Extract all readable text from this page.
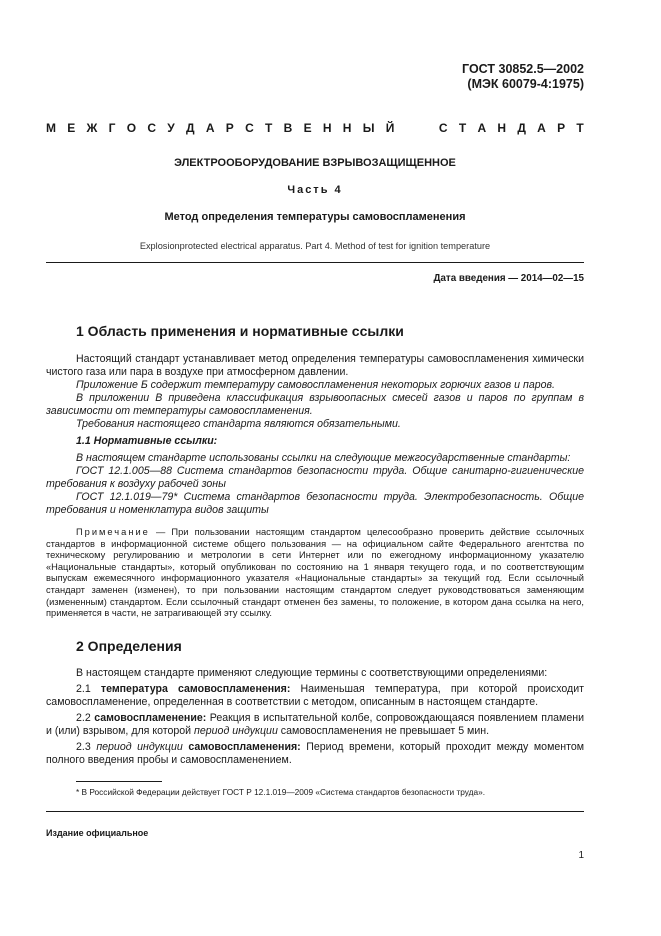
ГОСТ 30852.5—2002
(МЭК 60079-4:1975)
М Е Ж Г О С У Д А Р С Т В Е Н Н Ы Й	С Т А Н Д А Р Т
ЭЛЕКТРООБОРУДОВАНИЕ ВЗРЫВОЗАЩИЩЕННОЕ
Часть 4
Метод определения температуры самовоспламенения
Explosionprotected electrical apparatus. Part 4. Method of test for ignition temperature
Дата введения — 2014—02—15
1 Область применения и нормативные ссылки
Настоящий стандарт устанавливает метод определения температуры самовоспламенения химически чистого газа или пара в воздухе при атмосферном давлении.
Приложение Б содержит температуру самовоспламенения некоторых горючих газов и паров.
В приложении В приведена классификация взрывоопасных смесей газов и паров по группам в зависимости от температуры самовоспламенения.
Требования настоящего стандарта являются обязательными.
1.1 Нормативные ссылки:
В настоящем стандарте использованы ссылки на следующие межгосударственные стандарты:
ГОСТ 12.1.005—88 Система стандартов безопасности труда. Общие санитарно-гигиенические требования к воздуху рабочей зоны
ГОСТ 12.1.019—79* Система стандартов безопасности труда. Электробезопасность. Общие требования и номенклатура видов защиты
Примечание — При пользовании настоящим стандартом целесообразно проверить действие ссылочных стандартов в информационной системе общего пользования — на официальном сайте Федерального агентства по техническому регулированию и метрологии в сети Интернет или по ежегодному информационному указателю «Национальные стандарты», который опубликован по состоянию на 1 января текущего года, и по соответствующим выпускам ежемесячного информационного указателя «Национальные стандарты» за текущий год. Если ссылочный стандарт заменен (изменен), то при пользовании настоящим стандартом следует руководствоваться заменяющим (измененным) стандартом. Если ссылочный стандарт отменен без замены, то положение, в котором дана ссылка на него, применяется в части, не затрагивающей эту ссылку.
2 Определения
В настоящем стандарте применяют следующие термины с соответствующими определениями:
2.1 температура самовоспламенения: Наименьшая температура, при которой происходит самовоспламенение, определенная в соответствии с методом, описанным в настоящем стандарте.
2.2 самовоспламенение: Реакция в испытательной колбе, сопровождающаяся появлением пламени и (или) взрывом, для которой период индукции самовоспламенения не превышает 5 мин.
2.3 период индукции самовоспламенения: Период времени, который проходит между моментом полного введения пробы и самовоспламенением.
* В Российской Федерации действует ГОСТ Р 12.1.019—2009 «Система стандартов безопасности труда».
Издание официальное
1
